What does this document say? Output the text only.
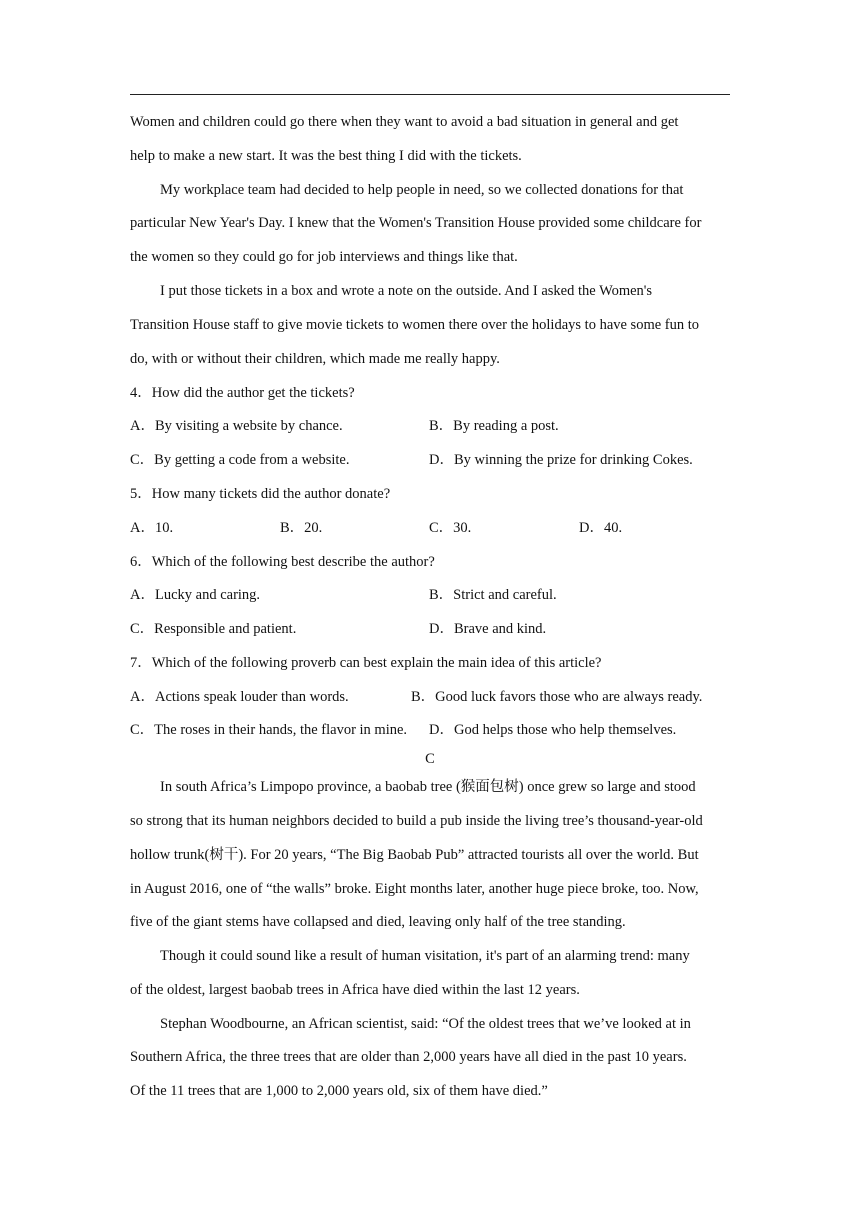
Women and children could go there when they want to avoid a bad situation in general and get
help to make a new start. It was the best thing I did with the tickets.
My workplace team had decided to help people in need, so we collected donations for that
particular New Year's Day. I knew that the Women's Transition House provided some childcare for
the women so they could go for job interviews and things like that.
I put those tickets in a box and wrote a note on the outside. And I asked the Women's
Transition House staff to give movie tickets to women there over the holidays to have some fun to
do, with or without their children, which made me really happy.
4．How did the author get the tickets?
A．By visiting a website by chance.	B．By reading a post.
C．By getting a code from a website.	D．By winning the prize for drinking Cokes.
5．How many tickets did the author donate?
A．10.	B．20.	C．30.	D．40.
6．Which of the following best describe the author?
A．Lucky and caring.	B．Strict and careful.
C．Responsible and patient.	D．Brave and kind.
7．Which of the following proverb can best explain the main idea of this article?
A．Actions speak louder than words.	B．Good luck favors those who are always ready.
C．The roses in their hands, the flavor in mine. D．God helps those who help themselves.
C
In south Africa’s Limpopo province, a baobab tree (猴面包树) once grew so large and stood
so strong that its human neighbors decided to build a pub inside the living tree’s thousand-year-old
hollow trunk(树干). For 20 years, “The Big Baobab Pub” attracted tourists all over the world. But
in August 2016, one of “the walls” broke. Eight months later, another huge piece broke, too. Now,
five of the giant stems have collapsed and died, leaving only half of the tree standing.
Though it could sound like a result of human visitation, it's part of an alarming trend: many
of the oldest, largest baobab trees in Africa have died within the last 12 years.
Stephan Woodbourne, an African scientist, said: “Of the oldest trees that we’ve looked at in
Southern Africa, the three trees that are older than 2,000 years have all died in the past 10 years.
Of the 11 trees that are 1,000 to 2,000 years old, six of them have died.”
